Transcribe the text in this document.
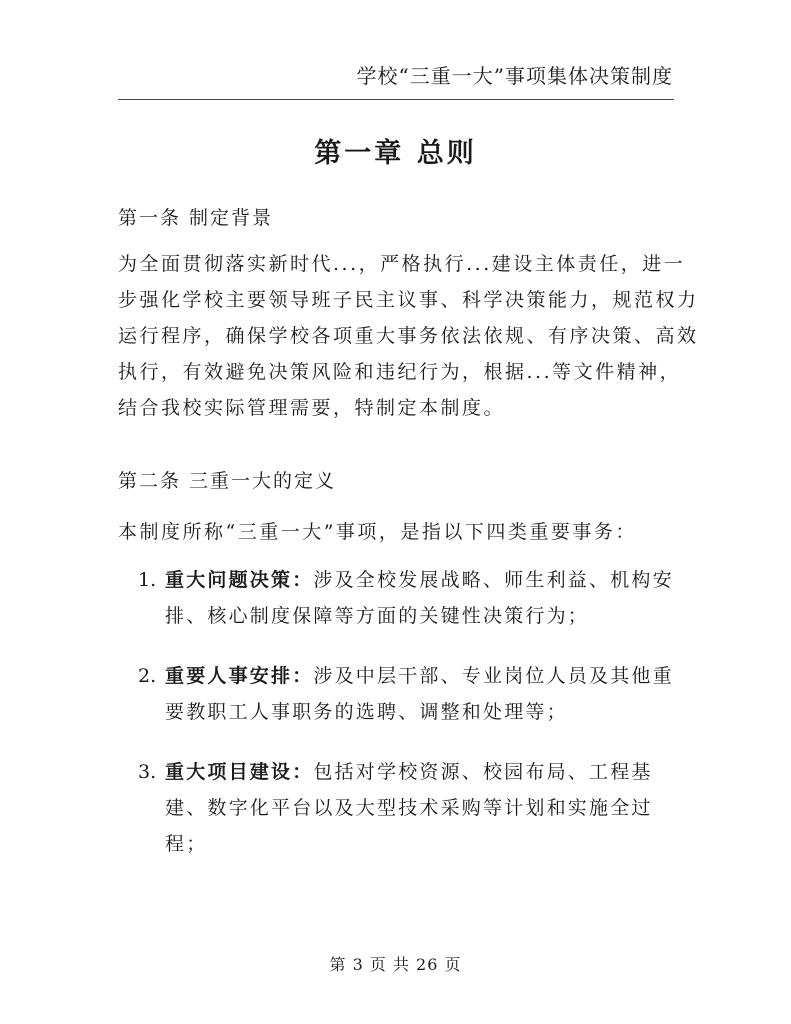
学校“三重一大”事项集体决策制度
第一章 总则
第一条 制定背景
为全面贯彻落实新时代...，严格执行...建设主体责任，进一
步强化学校主要领导班子民主议事、科学决策能力，规范权力
运行程序，确保学校各项重大事务依法依规、有序决策、高效
执行，有效避免决策风险和违纪行为，根据...等文件精神，
结合我校实际管理需要，特制定本制度。
第二条 三重一大的定义
本制度所称“三重一大”事项，是指以下四类重要事务：
1. 重大问题决策：涉及全校发展战略、师生利益、机构安
排、核心制度保障等方面的关键性决策行为；
2. 重要人事安排：涉及中层干部、专业岗位人员及其他重
要教职工人事职务的选聘、调整和处理等；
3. 重大项目建设：包括对学校资源、校园布局、工程基
建、数字化平台以及大型技术采购等计划和实施全过
程；
第 3 页 共 26 页
